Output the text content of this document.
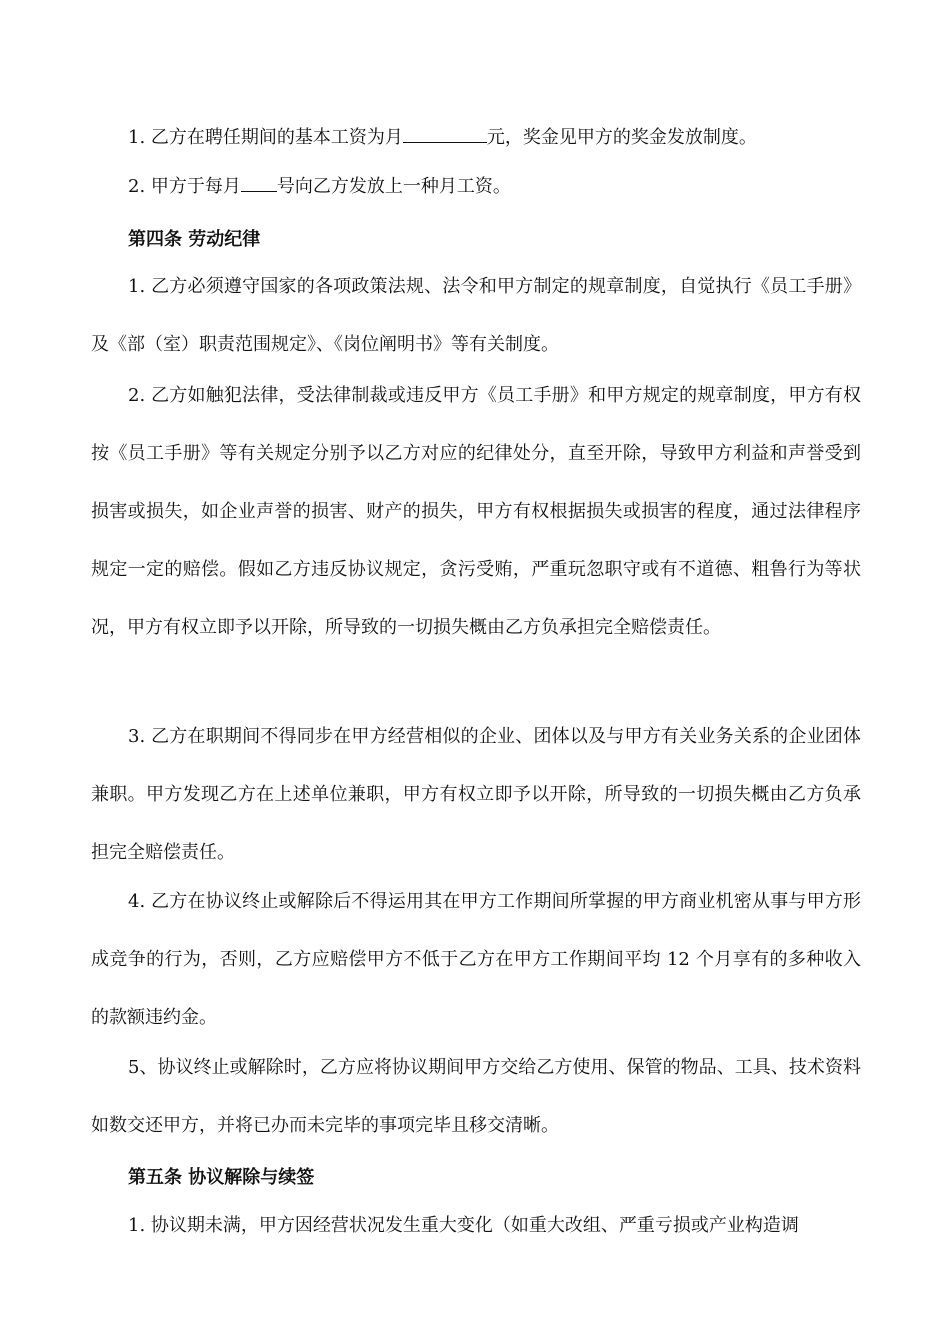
1. 乙方在聘任期间的基本工资为月	元，奖金见甲方的奖金发放制度。

2. 甲方于每月 号向乙方发放上一种月工资。

第四条 劳动纪律

1. 乙方必须遵守国家的各项政策法规、法令和甲方制定的规章制度，自觉执行《员工手册》及《部（室）职责范围规定》、《岗位阐明书》等有关制度。

2. 乙方如触犯法律，受法律制裁或违反甲方《员工手册》和甲方规定的规章制度，甲方有权按《员工手册》等有关规定分别予以乙方对应的纪律处分，直至开除，导致甲方利益和声誉受到损害或损失，如企业声誉的损害、财产的损失，甲方有权根据损失或损害的程度，通过法律程序规定一定的赔偿。假如乙方违反协议规定，贪污受贿，严重玩忽职守或有不道德、粗鲁行为等状况，甲方有权立即予以开除，所导致的一切损失概由乙方负承担完全赔偿责任。

3. 乙方在职期间不得同步在甲方经营相似的企业、团体以及与甲方有关业务关系的企业团体兼职。甲方发现乙方在上述单位兼职，甲方有权立即予以开除，所导致的一切损失概由乙方负承担完全赔偿责任。

4. 乙方在协议终止或解除后不得运用其在甲方工作期间所掌握的甲方商业机密从事与甲方形成竞争的行为，否则，乙方应赔偿甲方不低于乙方在甲方工作期间平均 12 个月享有的多种收入的款额违约金。

5、协议终止或解除时，乙方应将协议期间甲方交给乙方使用、保管的物品、工具、技术资料如数交还甲方，并将已办而未完毕的事项完毕且移交清晰。

第五条 协议解除与续签

1. 协议期未满，甲方因经营状况发生重大变化（如重大改组、严重亏损或产业构造调
